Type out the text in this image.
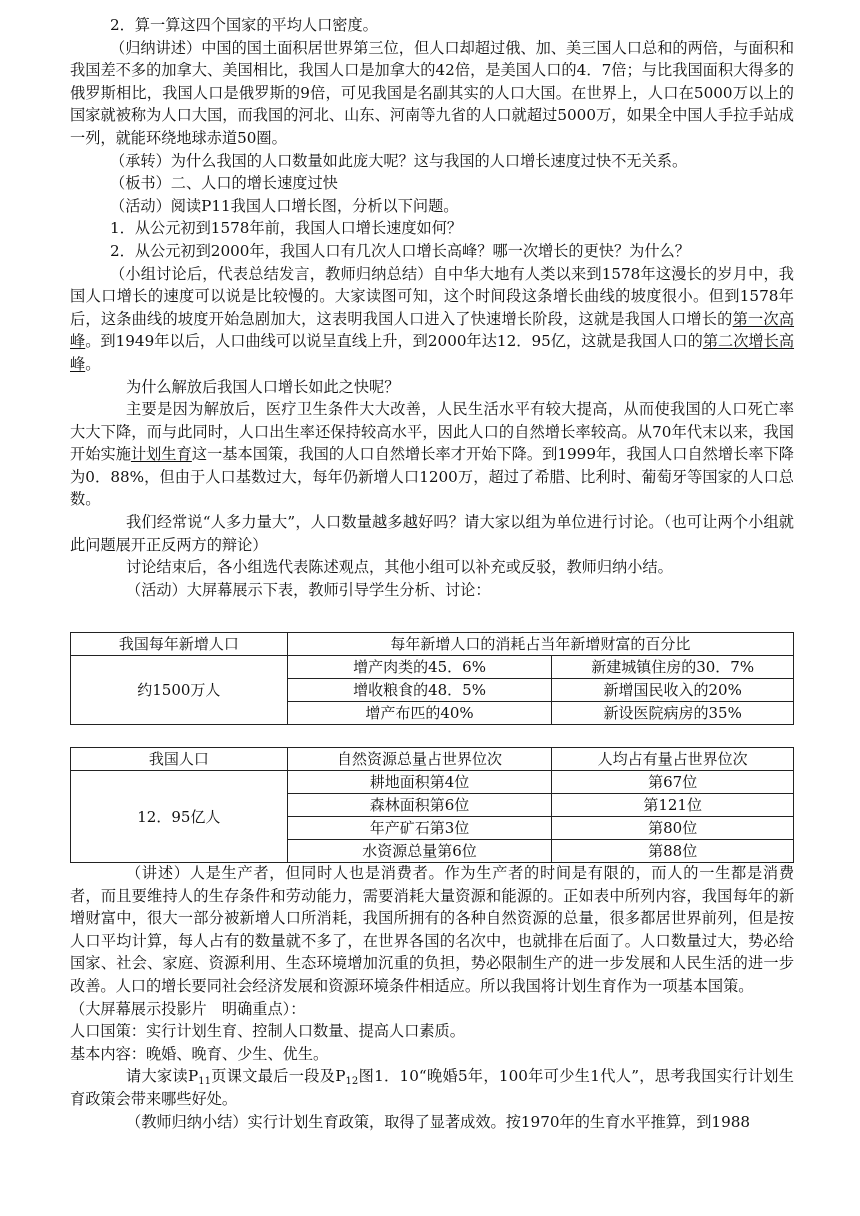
2．算一算这四个国家的平均人口密度。

（归纳讲述）中国的国土面积居世界第三位，但人口却超过俄、加、美三国人口总和的两倍，与面积和我国差不多的加拿大、美国相比，我国人口是加拿大的42倍，是美国人口的4．7倍；与比我国面积大得多的俄罗斯相比，我国人口是俄罗斯的9倍，可见我国是名副其实的人口大国。在世界上，人口在5000万以上的国家就被称为人口大国，而我国的河北、山东、河南等九省的人口就超过5000万，如果全中国人手拉手站成一列，就能环绕地球赤道50圈。

（承转）为什么我国的人口数量如此庞大呢？这与我国的人口增长速度过快不无关系。

（板书）二、人口的增长速度过快

（活动）阅读P11我国人口增长图，分析以下问题。

1．从公元初到1578年前，我国人口增长速度如何？

2．从公元初到2000年，我国人口有几次人口增长高峰？哪一次增长的更快？为什么？

（小组讨论后，代表总结发言，教师归纳总结）自中华大地有人类以来到1578年这漫长的岁月中，我国人口增长的速度可以说是比较慢的。大家读图可知，这个时间段这条增长曲线的坡度很小。但到1578年后，这条曲线的坡度开始急剧加大，这表明我国人口进入了快速增长阶段，这就是我国人口增长的第一次高峰。到1949年以后，人口曲线可以说呈直线上升，到2000年达12．95亿，这就是我国人口的第二次增长高峰。

为什么解放后我国人口增长如此之快呢？

主要是因为解放后，医疗卫生条件大大改善，人民生活水平有较大提高，从而使我国的人口死亡率大大下降，而与此同时，人口出生率还保持较高水平，因此人口的自然增长率较高。从70年代末以来，我国开始实施计划生育这一基本国策，我国的人口自然增长率才开始下降。到1999年，我国人口自然增长率下降为0．88%，但由于人口基数过大，每年仍新增人口1200万，超过了希腊、比利时、葡萄牙等国家的人口总数。

我们经常说“人多力量大”，人口数量越多越好吗？请大家以组为单位进行讨论。（也可让两个小组就此问题展开正反两方的辩论）

讨论结束后，各小组选代表陈述观点，其他小组可以补充或反驳，教师归纳小结。

（活动）大屏幕展示下表，教师引导学生分析、讨论：

我国每年新增人口	每年新增人口的消耗占当年新增财富的百分比	
约1500万人	增产肉类的45．6%	新建城镇住房的30．7%
	增收粮食的48．5%	新增国民收入的20%
	增产布匹的40%	新设医院病房的35%
我国人口	自然资源总量占世界位次	人均占有量占世界位次
12．95亿人	耕地面积第4位	第67位
	森林面积第6位	第121位
	年产矿石第3位	第80位
	水资源总量第6位	第88位

（讲述）人是生产者，但同时人也是消费者。作为生产者的时间是有限的，而人的一生都是消费者，而且要维持人的生存条件和劳动能力，需要消耗大量资源和能源的。正如表中所列内容，我国每年的新增财富中，很大一部分被新增人口所消耗，我国所拥有的各种自然资源的总量，很多都居世界前列，但是按人口平均计算，每人占有的数量就不多了，在世界各国的名次中，也就排在后面了。人口数量过大，势必给国家、社会、家庭、资源利用、生态环境增加沉重的负担，势必限制生产的进一步发展和人民生活的进一步改善。人口的增长要同社会经济发展和资源环境条件相适应。所以我国将计划生育作为一项基本国策。

（大屏幕展示投影片　明确重点）：

人口国策：实行计划生育、控制人口数量、提高人口素质。

基本内容：晚婚、晚育、少生、优生。

请大家读$P_{11}$页课文最后一段及$P_{12}$图1．10“晚婚5年，100年可少生1代人”，思考我国实行计划生育政策会带来哪些好处。

（教师归纳小结）实行计划生育政策，取得了显著成效。按1970年的生育水平推算，到1988
